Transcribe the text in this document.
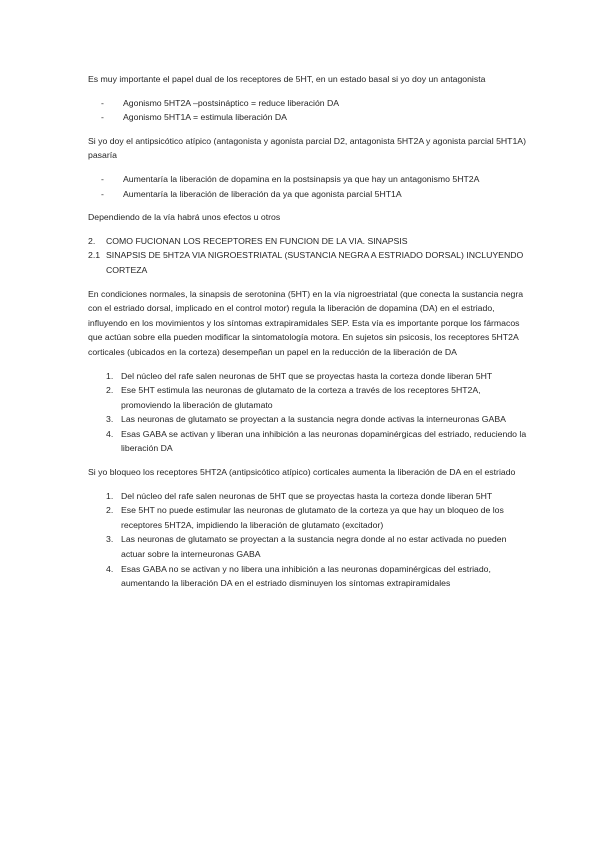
Es muy importante el papel dual de los receptores de 5HT, en un estado basal si yo doy un antagonista

- Agonismo 5HT2A –postsináptico = reduce liberación DA
- Agonismo 5HT1A = estimula liberación DA

Si yo doy el antipsicótico atípico (antagonista y agonista parcial D2, antagonista 5HT2A y agonista parcial 5HT1A) pasaría

- Aumentaría la liberación de dopamina en la postsinapsis ya que hay un antagonismo 5HT2A
- Aumentaría la liberación de liberación da ya que agonista parcial 5HT1A

Dependiendo de la vía habrá unos efectos u otros

2. COMO FUCIONAN LOS RECEPTORES EN FUNCION DE LA VIA. SINAPSIS
2.1 SINAPSIS DE 5HT2A VIA NIGROESTRIATAL (SUSTANCIA NEGRA A ESTRIADO DORSAL) INCLUYENDO CORTEZA

En condiciones normales, la sinapsis de serotonina (5HT) en la vía nigroestriatal (que conecta la sustancia negra con el estriado dorsal, implicado en el control motor) regula la liberación de dopamina (DA) en el estriado, influyendo en los movimientos y los síntomas extrapiramidales SEP. Esta vía es importante porque los fármacos que actúan sobre ella pueden modificar la sintomatología motora. En sujetos sin psicosis, los receptores 5HT2A corticales (ubicados en la corteza) desempeñan un papel en la reducción de la liberación de DA

1. Del núcleo del rafe salen neuronas de 5HT que se proyectas hasta la corteza donde liberan 5HT
2. Ese 5HT estimula las neuronas de glutamato de la corteza a través de los receptores 5HT2A, promoviendo la liberación de glutamato
3. Las neuronas de glutamato se proyectan a la sustancia negra donde activas la interneuronas GABA
4. Esas GABA se activan y liberan una inhibición a las neuronas dopaminérgicas del estriado, reduciendo la liberación DA

Si yo bloqueo los receptores 5HT2A (antipsicótico atípico) corticales aumenta la liberación de DA en el estriado

1. Del núcleo del rafe salen neuronas de 5HT que se proyectas hasta la corteza donde liberan 5HT
2. Ese 5HT no puede estimular las neuronas de glutamato de la corteza ya que hay un bloqueo de los receptores 5HT2A, impidiendo la liberación de glutamato (excitador)
3. Las neuronas de glutamato se proyectan a la sustancia negra donde al no estar activada no pueden actuar sobre la interneuronas GABA
4. Esas GABA no se activan y no libera una inhibición a las neuronas dopaminérgicas del estriado, aumentando la liberación DA en el estriado disminuyen los síntomas extrapiramidales
